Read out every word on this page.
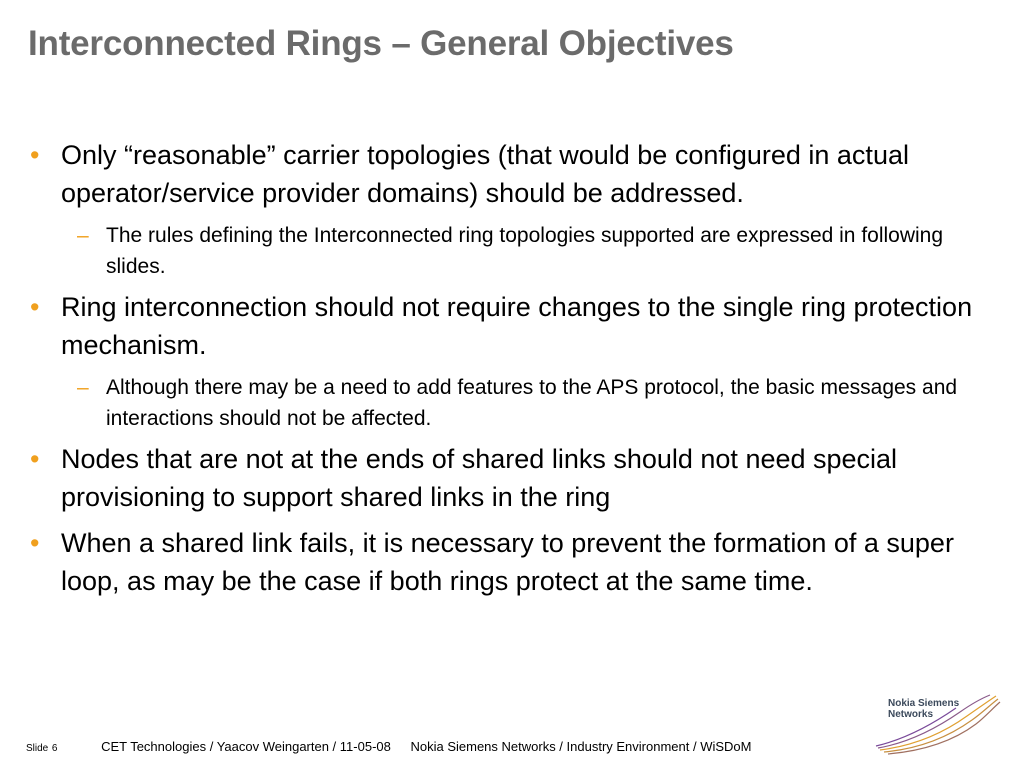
Interconnected Rings – General Objectives
• Only “reasonable” carrier topologies (that would be configured in actual operator/service provider domains) should be addressed.
– The rules defining the Interconnected ring topologies supported are expressed in following slides.
• Ring interconnection should not require changes to the single ring protection mechanism.
– Although there may be a need to add features to the APS protocol, the basic messages and interactions should not be affected.
• Nodes that are not at the ends of shared links should not need special provisioning to support shared links in the ring
• When a shared link fails, it is necessary to prevent the formation of a super loop, as may be the case if both rings protect at the same time.
Slide 6	CET Technologies / Yaacov Weingarten / 11-05-08 Nokia Siemens Networks / Industry Environment / WiSDoM
Nokia Siemens
Networks
